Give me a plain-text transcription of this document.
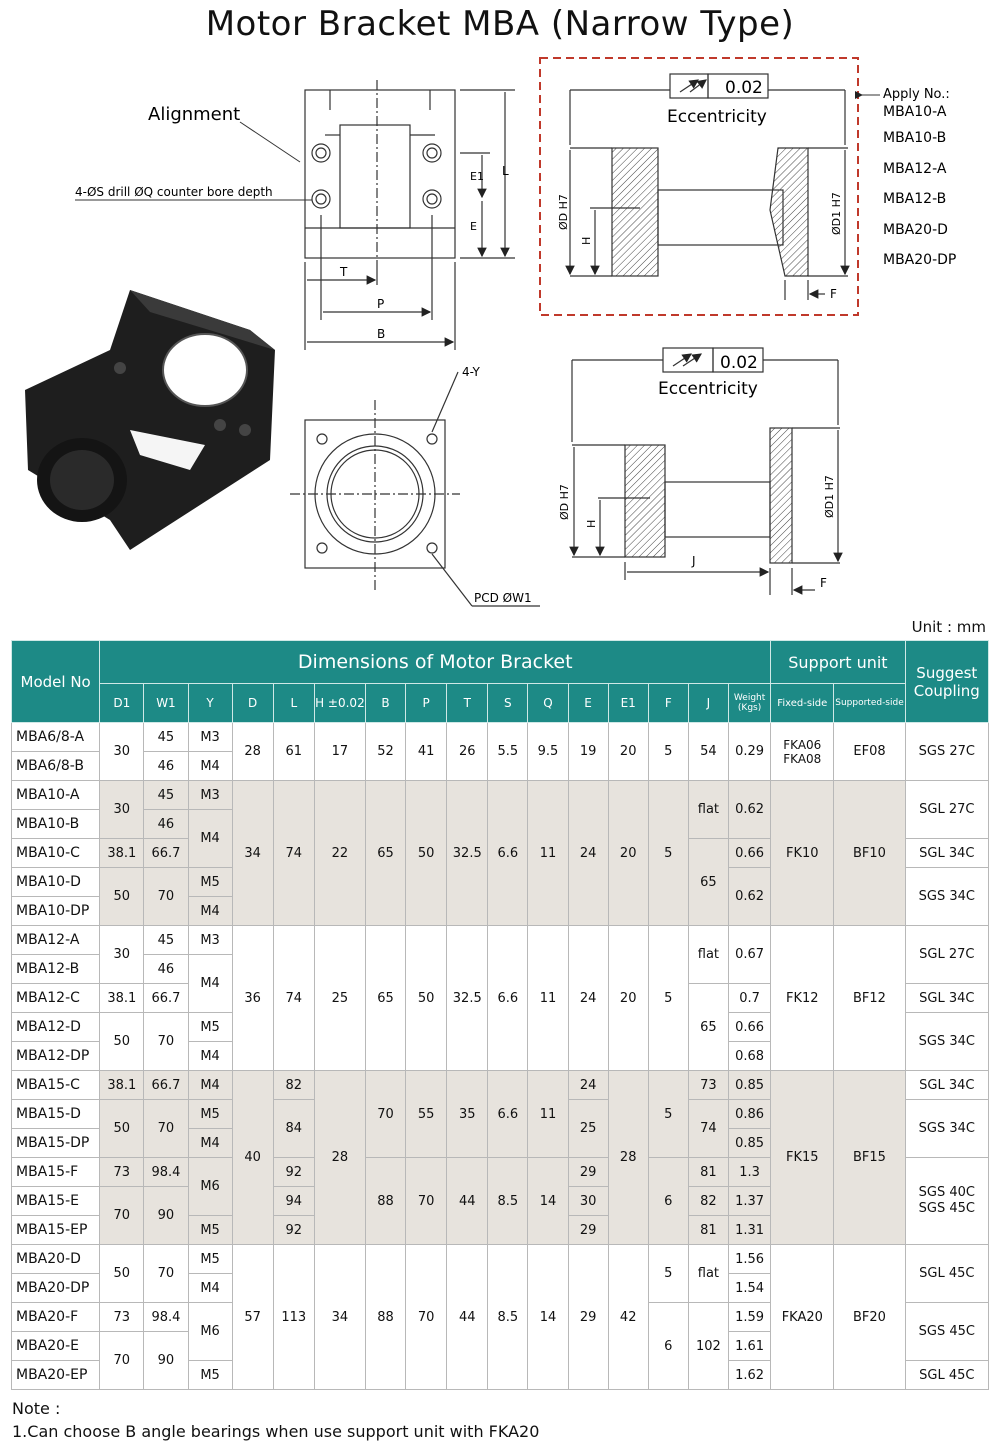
Motor Bracket MBA (Narrow Type)
Alignment
4-ØS drill ØQ counter bore depth
L
E1
E
T
P
B
4-Y
PCD ØW1
0.02
Eccentricity
ØD H7
H
ØD1 H7
F
Apply No.:
MBA10-A
MBA10-B
MBA12-A
MBA12-B
MBA20-D
MBA20-DP
0.02
Eccentricity
ØD H7
H
ØD1 H7
J
F
Unit : mm
Model No	Dimensions of Motor Bracket																Support unit		Suggest Coupling
	D1	W1	Y	D	L	H ±0.02	B	P	T	S	Q	E	E1	F	J	Weight (Kgs)	Fixed-side	Supported-side	
MBA6/8-A	30	45	M3	28	61	17	52	41	26	5.5	9.5	19	20	5	54	0.29	FKA06 FKA08	EF08	SGS 27C
MBA6/8-B		46	M4																
MBA10-A	30	45	M3	34	74	22	65	50	32.5	6.6	11	24	20	5	flat	0.62	FK10	BF10	SGL 27C
MBA10-B		46	M4																
MBA10-C	38.1	66.7													65	0.66			SGL 34C
MBA10-D	50	70	M5													0.62			SGS 34C
MBA10-DP			M4																
MBA12-A	30	45	M3	36	74	25	65	50	32.5	6.6	11	24	20	5	flat	0.67	FK12	BF12	SGL 27C
MBA12-B		46	M4																
MBA12-C	38.1	66.7													65	0.7			SGL 34C
MBA12-D	50	70	M5													0.66			SGS 34C
MBA12-DP			M4													0.68			
MBA15-C	38.1	66.7	M4	40	82	28	70	55	35	6.6	11	24	28	5	73	0.85	FK15	BF15	SGL 34C
MBA15-D	50	70	M5		84							25			74	0.86			SGS 34C
MBA15-DP			M4													0.85			
MBA15-F	73	98.4	M6		92		88	70	44	8.5	14	29		6	81	1.3			SGS 40C SGS 45C
MBA15-E	70	90			94							30			82	1.37			
MBA15-EP			M5		92							29			81	1.31			
MBA20-D	50	70	M5	57	113	34	88	70	44	8.5	14	29	42	5	flat	1.56	FKA20	BF20	SGL 45C
MBA20-DP			M4													1.54			
MBA20-F	73	98.4	M6											6	102	1.59			SGS 45C
MBA20-E	70	90														1.61			
MBA20-EP			M5													1.62			SGL 45C
Note :
1.Can choose B angle bearings when use support unit with FKA20
